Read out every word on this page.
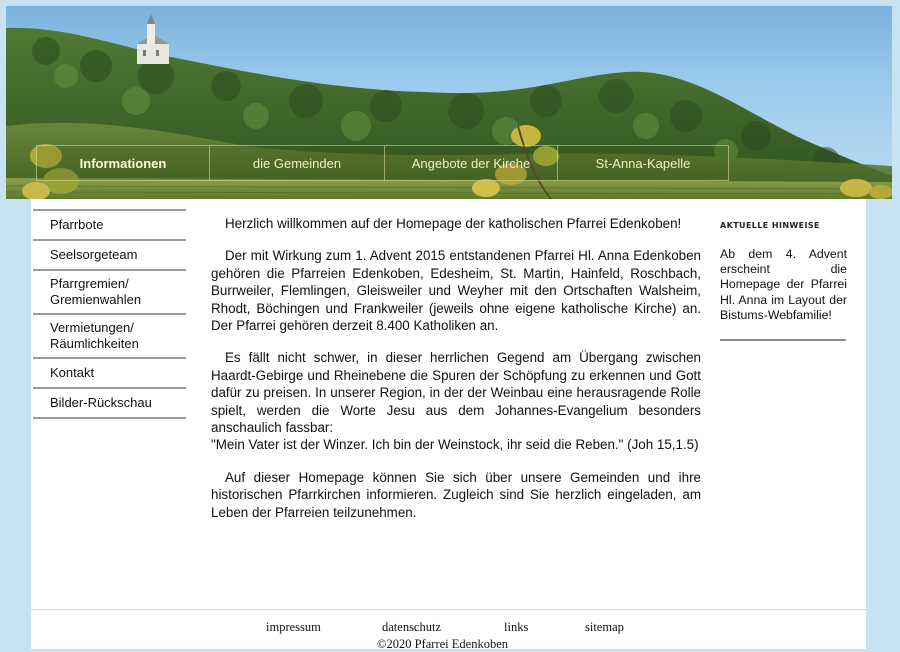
Informationen	die Gemeinden	Angebote der Kirche	St-Anna-Kapelle
Pfarrbote
Seelsorgeteam
Pfarrgremien/
Gremienwahlen
Vermietungen/
Räumlichkeiten
Kontakt
Bilder-Rückschau

Herzlich willkommen auf der Homepage der katholischen Pfarrei Edenkoben!

Der mit Wirkung zum 1. Advent 2015 entstandenen Pfarrei Hl. Anna Edenkoben gehören die Pfarreien Edenkoben, Edesheim, St. Martin, Hainfeld, Roschbach, Burrweiler, Flemlingen, Gleisweiler und Weyher mit den Ortschaften Walsheim, Rhodt, Böchingen und Frankweiler (jeweils ohne eigene katholische Kirche) an. Der Pfarrei gehören derzeit 8.400 Katholiken an.

Es fällt nicht schwer, in dieser herrlichen Gegend am Übergang zwischen Haardt-Gebirge und Rheinebene die Spuren der Schöpfung zu erkennen und Gott dafür zu preisen. In unserer Region, in der der Weinbau eine herausragende Rolle spielt, werden die Worte Jesu aus dem Johannes-Evangelium besonders anschaulich fassbar:
"Mein Vater ist der Winzer. Ich bin der Weinstock, ihr seid die Reben." (Joh 15,1.5)

Auf dieser Homepage können Sie sich über unsere Gemeinden und ihre historischen Pfarrkirchen informieren. Zugleich sind Sie herzlich eingeladen, am Leben der Pfarreien teilzunehmen.

AKTUELLE HINWEISE
Ab dem 4. Advent erscheint die Homepage der Pfarrei Hl. Anna im Layout der Bistums-Webfamilie!
impressum	datenschutz	links	sitemap
©2020 Pfarrei Edenkoben
